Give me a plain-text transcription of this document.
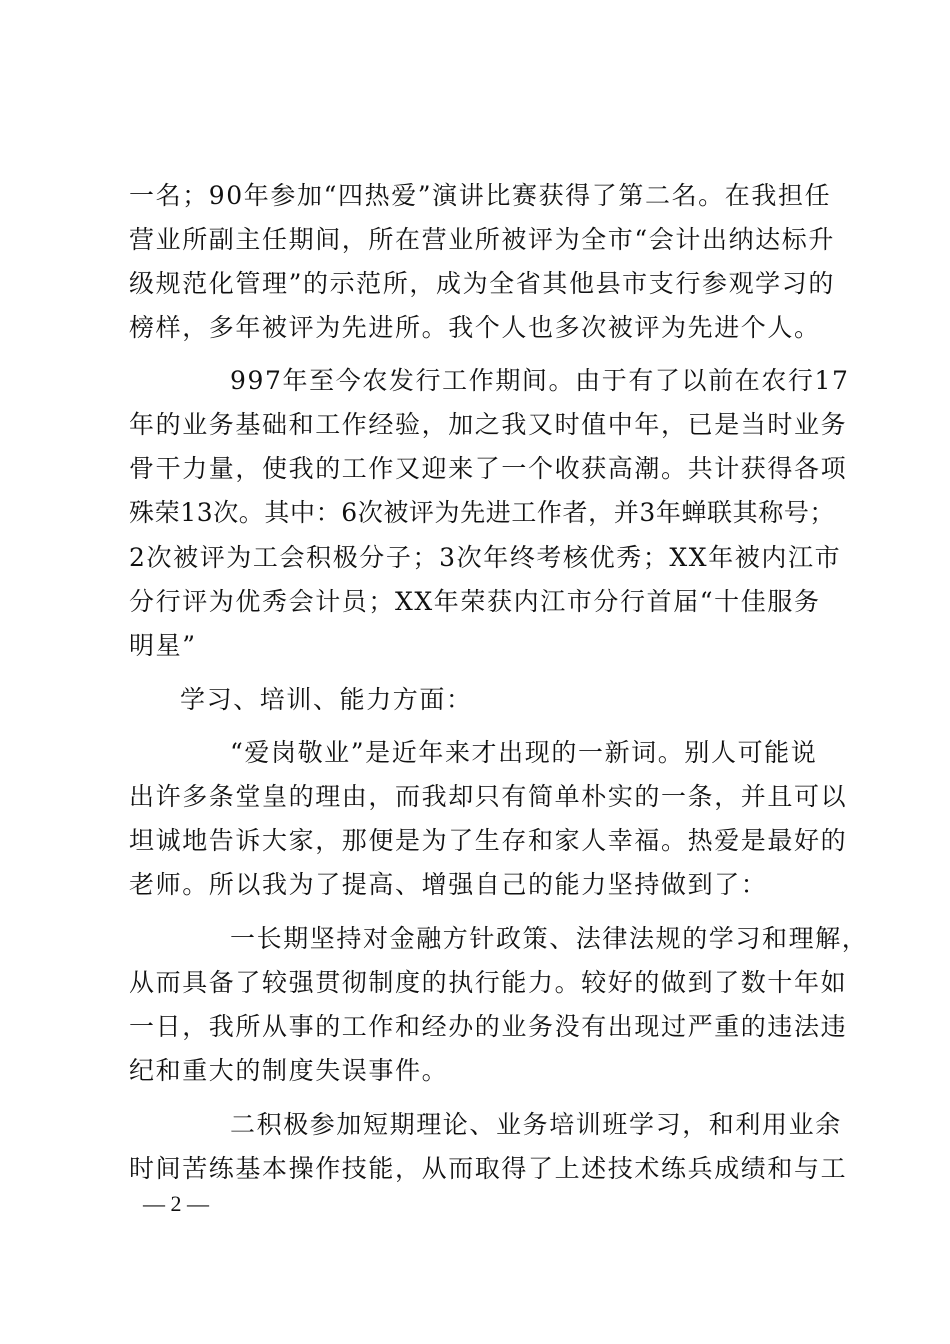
一名；90年参加“四热爱”演讲比赛获得了第二名。在我担任
营业所副主任期间，所在营业所被评为全市“会计出纳达标升
级规范化管理”的示范所，成为全省其他县市支行参观学习的
榜样，多年被评为先进所。我个人也多次被评为先进个人。
997年至今农发行工作期间。由于有了以前在农行17
年的业务基础和工作经验，加之我又时值中年，已是当时业务
骨干力量，使我的工作又迎来了一个收获高潮。共计获得各项
殊荣13次。其中：6次被评为先进工作者，并3年蝉联其称号；
2次被评为工会积极分子；3次年终考核优秀；XX年被内江市
分行评为优秀会计员；XX年荣获内江市分行首届“十佳服务
明星”
学习、培训、能力方面：
“爱岗敬业”是近年来才出现的一新词。别人可能说
出许多条堂皇的理由，而我却只有简单朴实的一条，并且可以
坦诚地告诉大家，那便是为了生存和家人幸福。热爱是最好的
老师。所以我为了提高、增强自己的能力坚持做到了：
一长期坚持对金融方针政策、法律法规的学习和理解，
从而具备了较强贯彻制度的执行能力。较好的做到了数十年如
一日，我所从事的工作和经办的业务没有出现过严重的违法违
纪和重大的制度失误事件。
二积极参加短期理论、业务培训班学习，和利用业余
时间苦练基本操作技能，从而取得了上述技术练兵成绩和与工
— 2 —
